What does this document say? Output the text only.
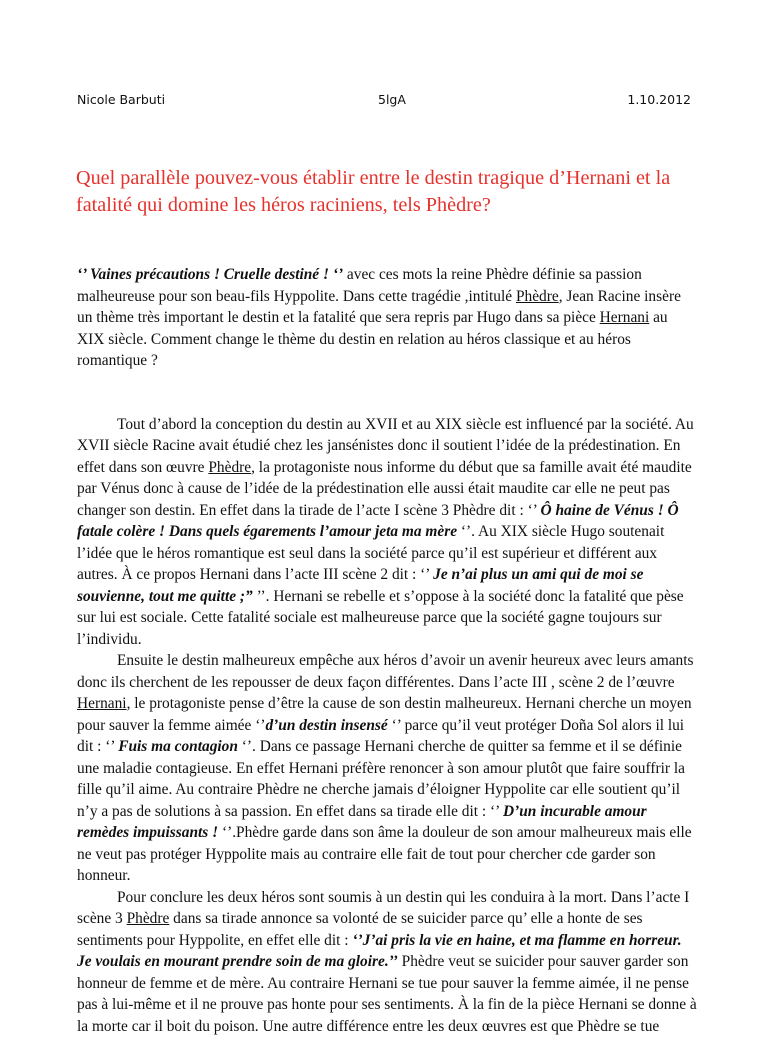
Nicole Barbuti	5lgA	1.10.2012
Quel parallèle pouvez-vous établir entre le destin tragique d’Hernani et la fatalité qui domine les héros raciniens, tels Phèdre?

‘’ Vaines précautions ! Cruelle destiné ! ‘’ avec ces mots la reine Phèdre définie sa passion malheureuse pour son beau-fils Hyppolite. Dans cette tragédie ,intitulé Phèdre, Jean Racine insère un thème très important le destin et la fatalité que sera repris par Hugo dans sa pièce Hernani au XIX siècle. Comment change le thème du destin en relation au héros classique et au héros romantique ?

Tout d’abord la conception du destin au XVII et au XIX siècle est influencé par la société. Au XVII siècle Racine avait étudié chez les jansénistes donc il soutient l’idée de la prédestination. En effet dans son œuvre Phèdre, la protagoniste nous informe du début que sa famille avait été maudite par Vénus donc à cause de l’idée de la prédestination elle aussi était maudite car elle ne peut pas changer son destin. En effet dans la tirade de l’acte I scène 3 Phèdre dit : ‘’ Ô haine de Vénus ! Ô fatale colère ! Dans quels égarements l’amour jeta ma mère ‘’. Au XIX siècle Hugo soutenait l’idée que le héros romantique est seul dans la société parce qu’il est supérieur et différent aux autres. À ce propos Hernani dans l’acte III scène 2 dit : ‘’ Je n’ai plus un ami qui de moi se souvienne, tout me quitte ;” ’’. Hernani se rebelle et s’oppose à la société donc la fatalité que pèse sur lui est sociale. Cette fatalité sociale est malheureuse parce que la société gagne toujours sur l’individu.

Ensuite le destin malheureux empêche aux héros d’avoir un avenir heureux avec leurs amants donc ils cherchent de les repousser de deux façon différentes. Dans l’acte III , scène 2 de l’œuvre Hernani, le protagoniste pense d’être la cause de son destin malheureux. Hernani cherche un moyen pour sauver la femme aimée ‘’d’un destin insensé ‘’ parce qu’il veut protéger Doña Sol alors il lui dit : ‘’ Fuis ma contagion ‘’. Dans ce passage Hernani cherche de quitter sa femme et il se définie une maladie contagieuse. En effet Hernani préfère renoncer à son amour plutôt que faire souffrir la fille qu’il aime. Au contraire Phèdre ne cherche jamais d’éloigner Hyppolite car elle soutient qu’il n’y a pas de solutions à sa passion. En effet dans sa tirade elle dit : ‘’ D’un incurable amour remèdes impuissants ! ‘’.Phèdre garde dans son âme la douleur de son amour malheureux mais elle ne veut pas protéger Hyppolite mais au contraire elle fait de tout pour chercher cde garder son honneur.

Pour conclure les deux héros sont soumis à un destin qui les conduira à la mort. Dans l’acte I scène 3 Phèdre dans sa tirade annonce sa volonté de se suicider parce qu’ elle a honte de ses sentiments pour Hyppolite, en effet elle dit : ‘’J’ai pris la vie en haine, et ma flamme en horreur. Je voulais en mourant prendre soin de ma gloire.’’ Phèdre veut se suicider pour sauver garder son honneur de femme et de mère. Au contraire Hernani se tue pour sauver la femme aimée, il ne pense pas à lui-même et il ne prouve pas honte pour ses sentiments. À la fin de la pièce Hernani se donne à la morte car il boit du poison. Une autre différence entre les deux œuvres est que Phèdre se tue
